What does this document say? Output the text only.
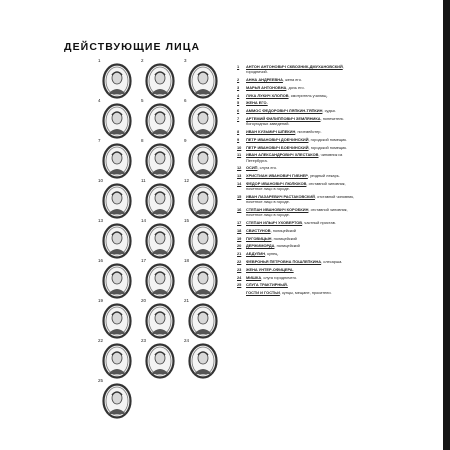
ДЕЙСТВУЮЩИЕ ЛИЦА
1	2	3
4	5	6
7	8	9
10	11	12
13	14	15
16	17	18
19	20	21
22	23	24
25
1 АНТОН АНТОНОВИЧ СКВОЗНИК-ДМУХАНОВСКИЙ, городничий.
2 АННА АНДРЕЕВНА, жена его.
3 МАРЬЯ АНТОНОВНА, дочь его.
4 ЛУКА ЛУКИЧ ХЛОПОВ, смотритель училищ.
5 ЖЕНА ЕГО.
6 АММОС ФЕДОРОВИЧ ЛЯПКИН-ТЯПКИН, судья.
7 АРТЕМИЙ ФИЛИППОВИЧ ЗЕМЛЯНИКА, попечитель богоугодных заведений.
8 ИВАН КУЗЬМИЧ ШПЕКИН, почтмейстер.
9 ПЕТР ИВАНОВИЧ ДОБЧИНСКИЙ, городской помещик.
10 ПЕТР ИВАНОВИЧ БОБЧИНСКИЙ, городской помещик.
11 ИВАН АЛЕКСАНДРОВИЧ ХЛЕСТАКОВ, чиновник из Петербурга.
12 ОСИП, слуга его.
13 ХРИСТИАН ИВАНОВИЧ ГИБНЕР, уездный лекарь.
14 ФЕДОР ИВАНОВИЧ ЛЮЛЮКОВ, отставной чиновник, почетное лицо в городе.
15 ИВАН ЛАЗАРЕВИЧ РАСТАКОВСКИЙ, отставной чиновник, почетное лицо в городе.
16 СТЕПАН ИВАНОВИЧ КОРОБКИН, отставной чиновник, почетное лицо в городе.
17 СТЕПАН ИЛЬИЧ УХОВЕРТОВ, частный пристав.
18 СВИСТУНОВ, полицейский
19 ПУГОВИЦЫН, полицейский
20 ДЕРЖИМОРДА, полицейский
21 АБДУЛИН, купец.
22 ФЕВРОНЬЯ ПЕТРОВНА ПОШЛЕПКИНА, слесарша.
23 ЖЕНА УНТЕР-ОФИЦЕРА.
24 МИШКА, слуга городничего.
25 СЛУГА ТРАКТИРНЫЙ.
ГОСТИ И ГОСТЬИ, купцы, мещане, просители.
